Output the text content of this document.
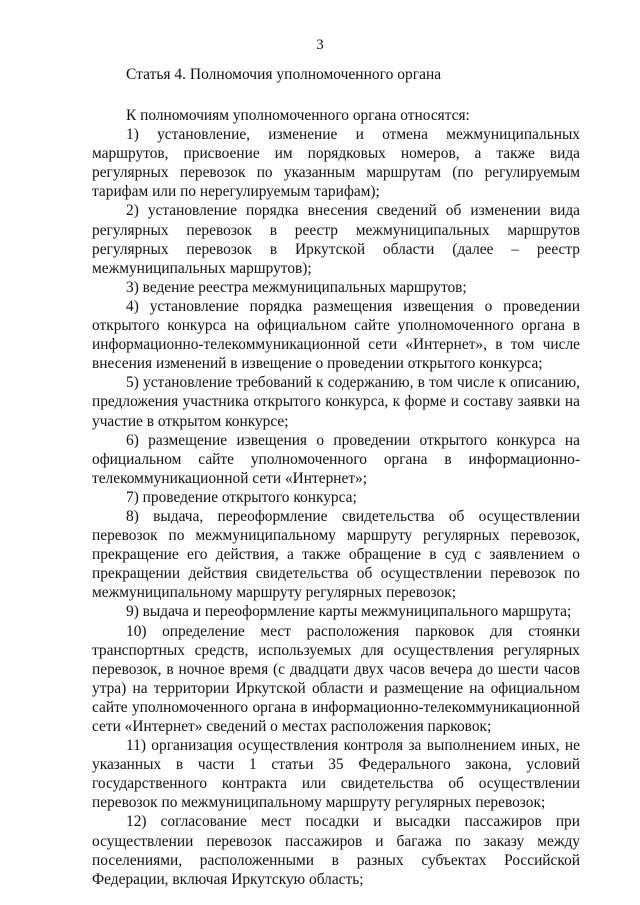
3
Статья 4. Полномочия уполномоченного органа

К полномочиям уполномоченного органа относятся:

1) установление, изменение и отмена межмуниципальных маршрутов, присвоение им порядковых номеров, а также вида регулярных перевозок по указанным маршрутам (по регулируемым тарифам или по нерегулируемым тарифам);

2) установление порядка внесения сведений об изменении вида регулярных перевозок в реестр межмуниципальных маршрутов регулярных перевозок в Иркутской области (далее – реестр межмуниципальных маршрутов);

3) ведение реестра межмуниципальных маршрутов;

4) установление порядка размещения извещения о проведении открытого конкурса на официальном сайте уполномоченного органа в информационно-телекоммуникационной сети «Интернет», в том числе внесения изменений в извещение о проведении открытого конкурса;

5) установление требований к содержанию, в том числе к описанию, предложения участника открытого конкурса, к форме и составу заявки на участие в открытом конкурсе;

6) размещение извещения о проведении открытого конкурса на официальном сайте уполномоченного органа в информационно-телекоммуникационной сети «Интернет»;

7) проведение открытого конкурса;

8) выдача, переоформление свидетельства об осуществлении перевозок по межмуниципальному маршруту регулярных перевозок, прекращение его действия, а также обращение в суд с заявлением о прекращении действия свидетельства об осуществлении перевозок по межмуниципальному маршруту регулярных перевозок;

9) выдача и переоформление карты межмуниципального маршрута;

10) определение мест расположения парковок для стоянки транспортных средств, используемых для осуществления регулярных перевозок, в ночное время (с двадцати двух часов вечера до шести часов утра) на территории Иркутской области и размещение на официальном сайте уполномоченного органа в информационно-телекоммуникационной сети «Интернет» сведений о местах расположения парковок;

11) организация осуществления контроля за выполнением иных, не указанных в части 1 статьи 35 Федерального закона, условий государственного контракта или свидетельства об осуществлении перевозок по межмуниципальному маршруту регулярных перевозок;

12) согласование мест посадки и высадки пассажиров при осуществлении перевозок пассажиров и багажа по заказу между поселениями, расположенными в разных субъектах Российской Федерации, включая Иркутскую область;
